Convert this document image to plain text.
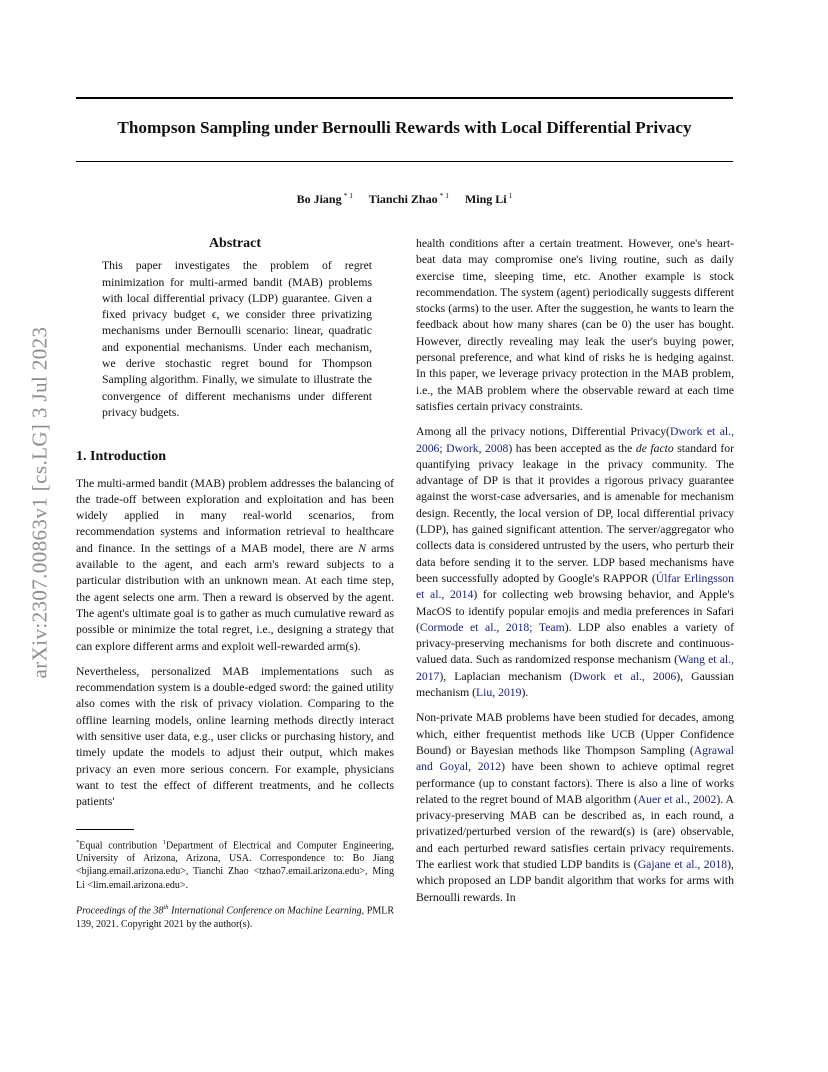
arXiv:2307.00863v1 [cs.LG] 3 Jul 2023
Thompson Sampling under Bernoulli Rewards with Local Differential Privacy
Bo Jiang $^{* 1}$ Tianchi Zhao $^{* 1}$ Ming Li $^1$
Abstract

This paper investigates the problem of regret minimization for multi-armed bandit (MAB) problems with local differential privacy (LDP) guarantee. Given a fixed privacy budget ϵ, we consider three privatizing mechanisms under Bernoulli scenario: linear, quadratic and exponential mechanisms. Under each mechanism, we derive stochastic regret bound for Thompson Sampling algorithm. Finally, we simulate to illustrate the convergence of different mechanisms under different privacy budgets.

1. Introduction

The multi-armed bandit (MAB) problem addresses the balancing of the trade-off between exploration and exploitation and has been widely applied in many real-world scenarios, from recommendation systems and information retrieval to healthcare and finance. In the settings of a MAB model, there are N arms available to the agent, and each arm's reward subjects to a particular distribution with an unknown mean. At each time step, the agent selects one arm. Then a reward is observed by the agent. The agent's ultimate goal is to gather as much cumulative reward as possible or minimize the total regret, i.e., designing a strategy that can explore different arms and exploit well-rewarded arm(s).

Nevertheless, personalized MAB implementations such as recommendation system is a double-edged sword: the gained utility also comes with the risk of privacy violation. Comparing to the offline learning models, online learning methods directly interact with sensitive user data, e.g., user clicks or purchasing history, and timely update the models to adjust their output, which makes privacy an even more serious concern. For example, physicians want to test the effect of different treatments, and he collects patients'

*Equal contribution $^1$Department of Electrical and Computer Engineering, University of Arizona, Arizona, USA. Correspondence to: Bo Jiang <bjiang.email.arizona.edu>, Tianchi Zhao <tzhao7.email.arizona.edu>, Ming Li <lim.email.arizona.edu>.

Proceedings of the 38th International Conference on Machine Learning, PMLR 139, 2021. Copyright 2021 by the author(s).

health conditions after a certain treatment. However, one's heart-beat data may compromise one's living routine, such as daily exercise time, sleeping time, etc. Another example is stock recommendation. The system (agent) periodically suggests different stocks (arms) to the user. After the suggestion, he wants to learn the feedback about how many shares (can be 0) the user has bought. However, directly revealing may leak the user's buying power, personal preference, and what kind of risks he is hedging against. In this paper, we leverage privacy protection in the MAB problem, i.e., the MAB problem where the observable reward at each time satisfies certain privacy constraints.

Among all the privacy notions, Differential Privacy(Dwork et al., 2006; Dwork, 2008) has been accepted as the de facto standard for quantifying privacy leakage in the privacy community. The advantage of DP is that it provides a rigorous privacy guarantee against the worst-case adversaries, and is amenable for mechanism design. Recently, the local version of DP, local differential privacy (LDP), has gained significant attention. The server/aggregator who collects data is considered untrusted by the users, who perturb their data before sending it to the server. LDP based mechanisms have been successfully adopted by Google's RAPPOR (Úlfar Erlingsson et al., 2014) for collecting web browsing behavior, and Apple's MacOS to identify popular emojis and media preferences in Safari (Cormode et al., 2018; Team). LDP also enables a variety of privacy-preserving mechanisms for both discrete and continuous-valued data. Such as randomized response mechanism (Wang et al., 2017), Laplacian mechanism (Dwork et al., 2006), Gaussian mechanism (Liu, 2019).

Non-private MAB problems have been studied for decades, among which, either frequentist methods like UCB (Upper Confidence Bound) or Bayesian methods like Thompson Sampling (Agrawal and Goyal, 2012) have been shown to achieve optimal regret performance (up to constant factors). There is also a line of works related to the regret bound of MAB algorithm (Auer et al., 2002). A privacy-preserving MAB can be described as, in each round, a privatized/perturbed version of the reward(s) is (are) observable, and each perturbed reward satisfies certain privacy requirements. The earliest work that studied LDP bandits is (Gajane et al., 2018), which proposed an LDP bandit algorithm that works for arms with Bernoulli rewards. In
